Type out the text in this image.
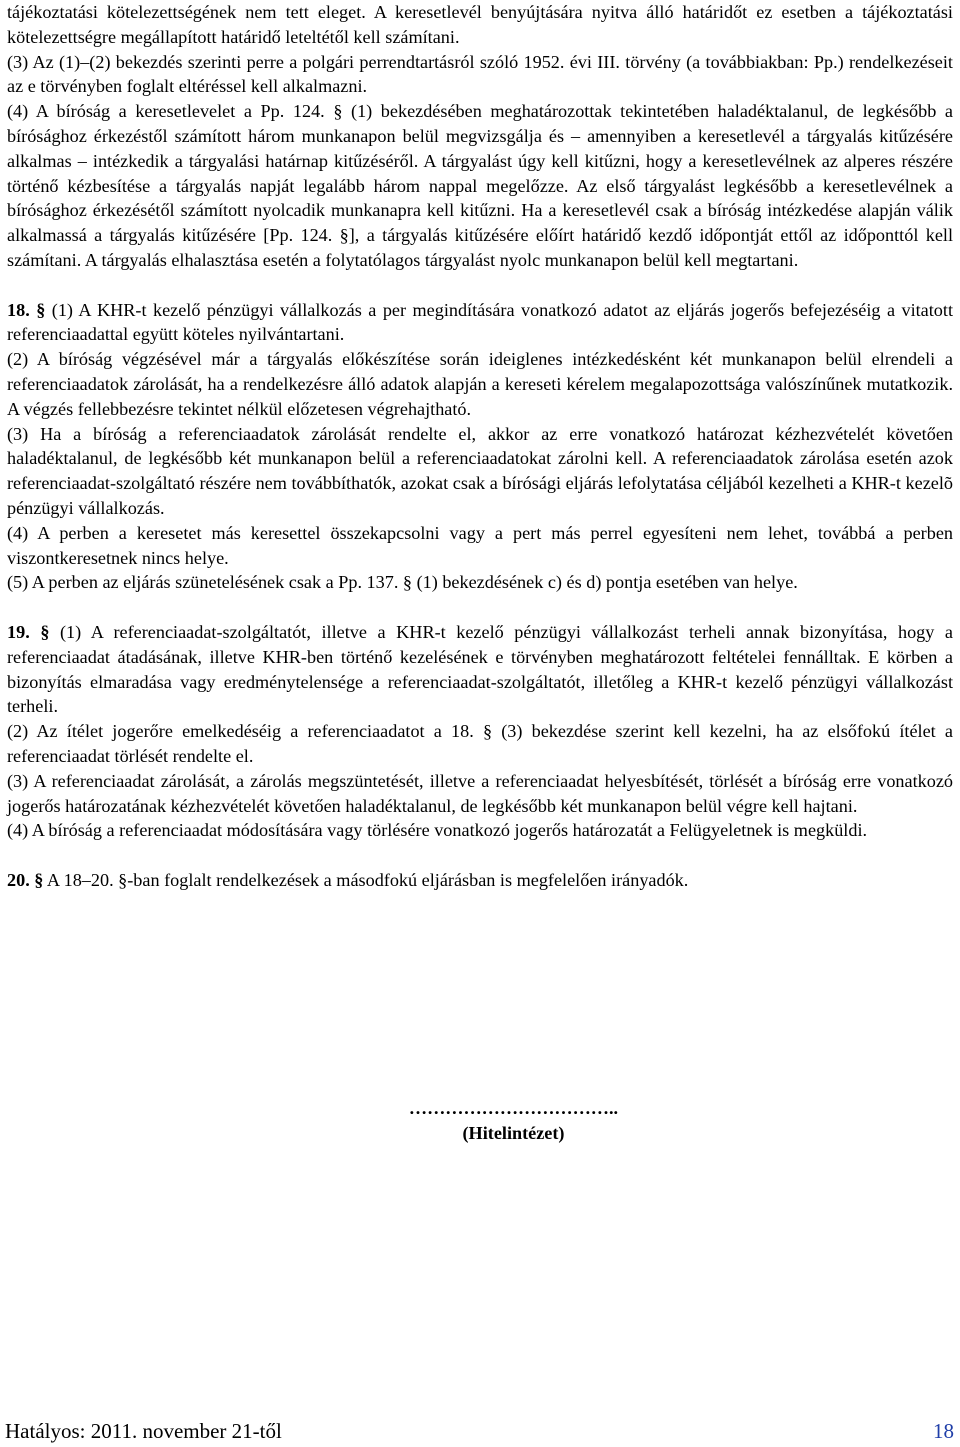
tájékoztatási kötelezettségének nem tett eleget. A keresetlevél benyújtására nyitva álló határidőt ez esetben a tájékoztatási kötelezettségre megállapított határidő leteltétől kell számítani.

(3) Az (1)–(2) bekezdés szerinti perre a polgári perrendtartásról szóló 1952. évi III. törvény (a továbbiakban: Pp.) rendelkezéseit az e törvényben foglalt eltéréssel kell alkalmazni.

(4) A bíróság a keresetlevelet a Pp. 124. § (1) bekezdésében meghatározottak tekintetében haladéktalanul, de legkésőbb a bírósághoz érkezéstől számított három munkanapon belül megvizsgálja és – amennyiben a keresetlevél a tárgyalás kitűzésére alkalmas – intézkedik a tárgyalási határnap kitűzéséről. A tárgyalást úgy kell kitűzni, hogy a keresetlevélnek az alperes részére történő kézbesítése a tárgyalás napját legalább három nappal megelőzze. Az első tárgyalást legkésőbb a keresetlevélnek a bírósághoz érkezésétől számított nyolcadik munkanapra kell kitűzni. Ha a keresetlevél csak a bíróság intézkedése alapján válik alkalmassá a tárgyalás kitűzésére [Pp. 124. §], a tárgyalás kitűzésére előírt határidő kezdő időpontját ettől az időponttól kell számítani. A tárgyalás elhalasztása esetén a folytatólagos tárgyalást nyolc munkanapon belül kell megtartani.

18. § (1) A KHR-t kezelő pénzügyi vállalkozás a per megindítására vonatkozó adatot az eljárás jogerős befejezéséig a vitatott referenciaadattal együtt köteles nyilvántartani.

(2) A bíróság végzésével már a tárgyalás előkészítése során ideiglenes intézkedésként két munkanapon belül elrendeli a referenciaadatok zárolását, ha a rendelkezésre álló adatok alapján a kereseti kérelem megalapozottsága valószínűnek mutatkozik. A végzés fellebbezésre tekintet nélkül előzetesen végrehajtható.

(3) Ha a bíróság a referenciaadatok zárolását rendelte el, akkor az erre vonatkozó határozat kézhezvételét követően haladéktalanul, de legkésőbb két munkanapon belül a referenciaadatokat zárolni kell. A referenciaadatok zárolása esetén azok referenciaadat-szolgáltató részére nem továbbíthatók, azokat csak a bírósági eljárás lefolytatása céljából kezelheti a KHR-t kezelõ pénzügyi vállalkozás.

(4) A perben a keresetet más keresettel összekapcsolni vagy a pert más perrel egyesíteni nem lehet, továbbá a perben viszontkeresetnek nincs helye.

(5) A perben az eljárás szünetelésének csak a Pp. 137. § (1) bekezdésének c) és d) pontja esetében van helye.

19. § (1) A referenciaadat-szolgáltatót, illetve a KHR-t kezelő pénzügyi vállalkozást terheli annak bizonyítása, hogy a referenciaadat átadásának, illetve KHR-ben történő kezelésének e törvényben meghatározott feltételei fennálltak. E körben a bizonyítás elmaradása vagy eredménytelensége a referenciaadat-szolgáltatót, illetőleg a KHR-t kezelő pénzügyi vállalkozást terheli.

(2) Az ítélet jogerőre emelkedéséig a referenciaadatot a 18. § (3) bekezdése szerint kell kezelni, ha az elsőfokú ítélet a referenciaadat törlését rendelte el.

(3) A referenciaadat zárolását, a zárolás megszüntetését, illetve a referenciaadat helyesbítését, törlését a bíróság erre vonatkozó jogerős határozatának kézhezvételét követően haladéktalanul, de legkésőbb két munkanapon belül végre kell hajtani.

(4) A bíróság a referenciaadat módosítására vagy törlésére vonatkozó jogerős határozatát a Felügyeletnek is megküldi.

20. § A 18–20. §-ban foglalt rendelkezések a másodfokú eljárásban is megfelelően irányadók.

……………………………..
(Hitelintézet)
Hatályos: 2011. november 21-től	18
